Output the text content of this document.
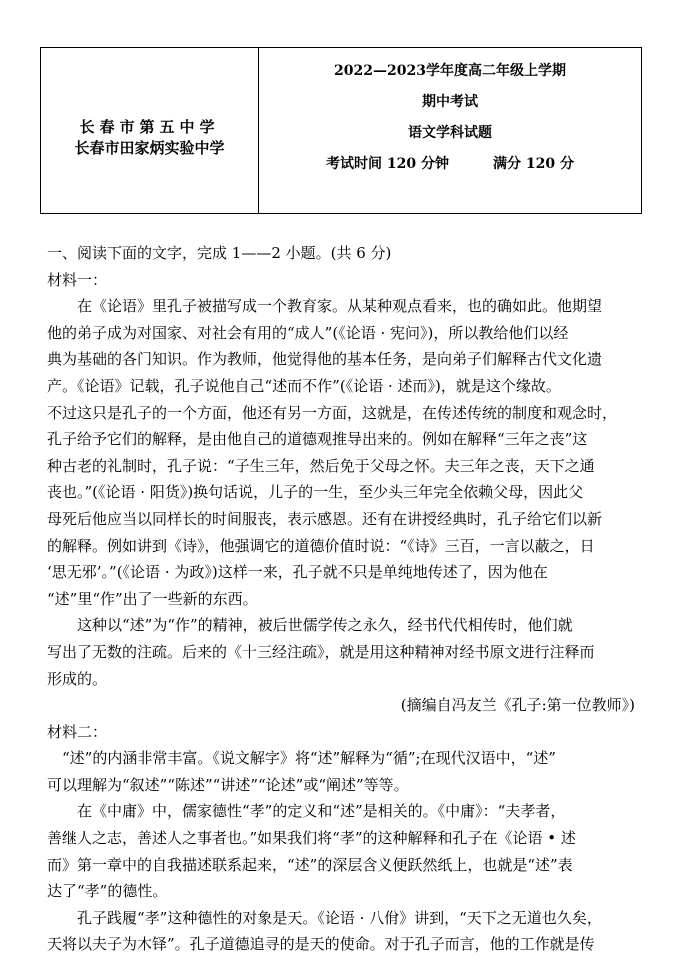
长春市第五中学
长春市田家炳实验中学
2022—2023学年度高二年级上学期
期中考试
语文学科试题
考试时间 120 分钟	满分 120 分

一、阅读下面的文字，完成 1——2 小题。(共 6 分)

材料一：

在《论语》里孔子被描写成一个教育家。从某种观点看来，也的确如此。他期望

他的弟子成为对国家、对社会有用的“成人”(《论语 · 宪问》)，所以教给他们以经

典为基础的各门知识。作为教师，他觉得他的基本任务，是向弟子们解释古代文化遗

产。《论语》记载，孔子说他自己“述而不作”(《论语 · 述而》)，就是这个缘故。

不过这只是孔子的一个方面，他还有另一方面，这就是，在传述传统的制度和观念时，

孔子给予它们的解释，是由他自己的道德观推导出来的。例如在解释“三年之丧”这

种古老的礼制时，孔子说：“子生三年，然后免于父母之怀。夫三年之丧，天下之通

丧也。”(《论语 · 阳货》)换句话说，儿子的一生，至少头三年完全依赖父母，因此父

母死后他应当以同样长的时间服丧，表示感恩。还有在讲授经典时，孔子给它们以新

的解释。例如讲到《诗》，他强调它的道德价值时说：“《诗》三百，一言以蔽之，日

‘思无邪’。”(《论语 · 为政》)这样一来，孔子就不只是单纯地传述了，因为他在

“述”里“作”出了一些新的东西。

这种以“述”为“作”的精神，被后世儒学传之永久，经书代代相传时，他们就

写出了无数的注疏。后来的《十三经注疏》，就是用这种精神对经书原文进行注释而

形成的。

(摘编自冯友兰《孔子:第一位教师》)

材料二：

“述”的内涵非常丰富。《说文解字》将“述”解释为“循”;在现代汉语中，“述”

可以理解为“叙述”“陈述”“讲述”“论述”或“阐述”等等。

在《中庸》中，儒家德性“孝”的定义和“述”是相关的。《中庸》：“夫孝者，

善继人之志，善述人之事者也。”如果我们将“孝”的这种解释和孔子在《论语 • 述

而》第一章中的自我描述联系起来，“述”的深层含义便跃然纸上，也就是“述”表

达了“孝”的德性。

孔子践履“孝”这种德性的对象是天。《论语 · 八佾》讲到，“天下之无道也久矣，

天将以夫子为木铎”。孔子道德追寻的是天的使命。对于孔子而言，他的工作就是传
